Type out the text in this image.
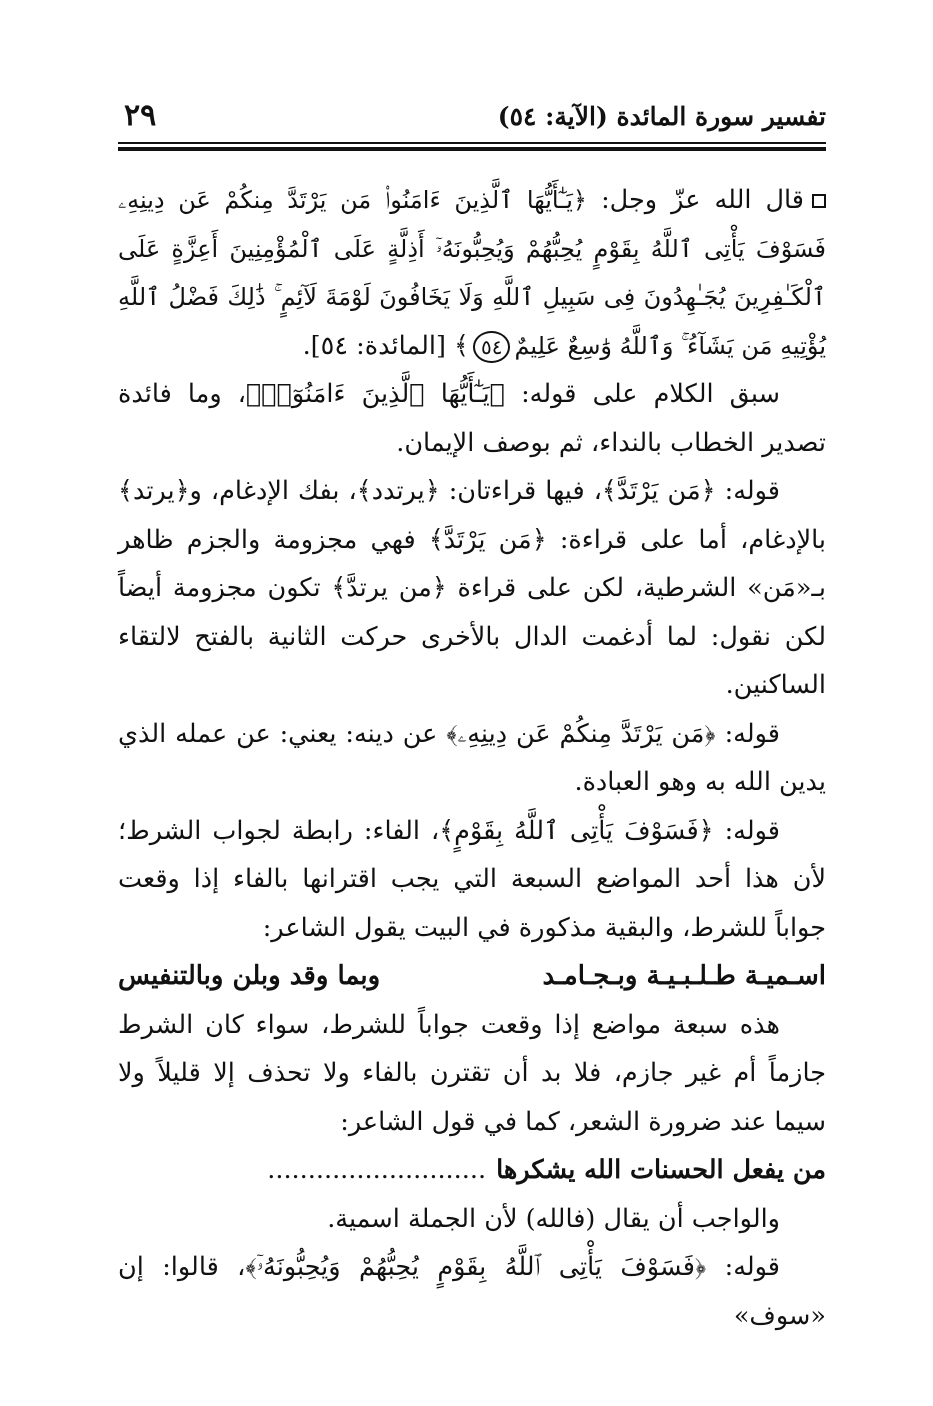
تفسير سورة المائدة (الآية: ٥٤)
٢٩

قال الله عزّ وجل: ﴿يَـٰٓأَيُّهَا ٱلَّذِينَ ءَامَنُوا۟ مَن يَرْتَدَّ مِنكُمْ عَن دِينِهِۦ فَسَوْفَ يَأْتِى ٱللَّهُ بِقَوْمٍ يُحِبُّهُمْ وَيُحِبُّونَهُۥٓ أَذِلَّةٍ عَلَى ٱلْمُؤْمِنِينَ أَعِزَّةٍ عَلَى ٱلْكَـٰفِرِينَ يُجَـٰهِدُونَ فِى سَبِيلِ ٱللَّهِ وَلَا يَخَافُونَ لَوْمَةَ لَآئِمٍ ۚ ذَٰلِكَ فَضْلُ ٱللَّهِ يُؤْتِيهِ مَن يَشَآءُ ۚ وَٱللَّهُ وَٰسِعٌ عَلِيمٌ٥٤﴾ [المائدة: ٥٤].

سبق الكلام على قوله: ﴿يَـٰٓأَيُّهَا ٱلَّذِينَ ءَامَنُوٓا۟﴾، وما فائدة تصدير الخطاب بالنداء، ثم بوصف الإيمان.

قوله: ﴿مَن يَرْتَدَّ﴾، فيها قراءتان: ﴿يرتدد﴾، بفك الإدغام، و﴿يرتد﴾ بالإدغام، أما على قراءة: ﴿مَن يَرْتَدَّ﴾ فهي مجزومة والجزم ظاهر بـ«مَن» الشرطية، لكن على قراءة ﴿من يرتدَّ﴾ تكون مجزومة أيضاً لكن نقول: لما أدغمت الدال بالأخرى حركت الثانية بالفتح لالتقاء الساكنين.

قوله: ﴿مَن يَرْتَدَّ مِنكُمْ عَن دِينِهِۦ﴾ عن دينه: يعني: عن عمله الذي يدين الله به وهو العبادة.

قوله: ﴿فَسَوْفَ يَأْتِى ٱللَّهُ بِقَوْمٍ﴾، الفاء: رابطة لجواب الشرط؛ لأن هذا أحد المواضع السبعة التي يجب اقترانها بالفاء إذا وقعت جواباً للشرط، والبقية مذكورة في البيت يقول الشاعر:

اسـميـة طـلـبـيـة وبـجـامـد
وبما وقد وبلن وبالتنفيس

هذه سبعة مواضع إذا وقعت جواباً للشرط، سواء كان الشرط جازماً أم غير جازم، فلا بد أن تقترن بالفاء ولا تحذف إلا قليلاً ولا سيما عند ضرورة الشعر، كما في قول الشاعر:

من يفعل الحسنات الله يشكرها...........................

والواجب أن يقال (فالله) لأن الجملة اسمية.

قوله: ﴿فَسَوْفَ يَأْتِى ٱللَّهُ بِقَوْمٍ يُحِبُّهُمْ وَيُحِبُّونَهُۥٓ﴾، قالوا: إن «سوف»
